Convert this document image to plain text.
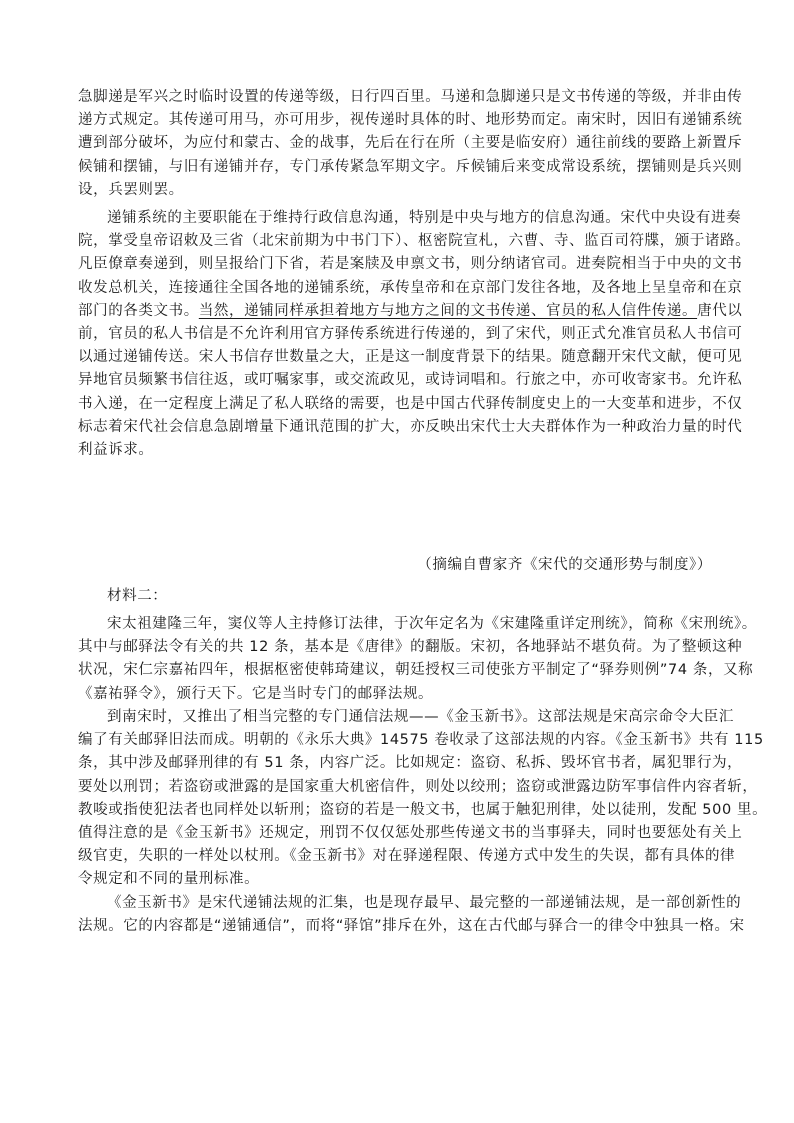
急脚递是军兴之时临时设置的传递等级，日行四百里。马递和急脚递只是文书传递的等级，并非由传
递方式规定。其传递可用马，亦可用步，视传递时具体的时、地形势而定。南宋时，因旧有递铺系统
遭到部分破坏，为应付和蒙古、金的战事，先后在行在所（主要是临安府）通往前线的要路上新置斥
候铺和摆铺，与旧有递铺并存，专门承传紧急军期文字。斥候铺后来变成常设系统，摆铺则是兵兴则
设，兵罢则罢。
递铺系统的主要职能在于维持行政信息沟通，特别是中央与地方的信息沟通。宋代中央设有进奏
院，掌受皇帝诏敕及三省（北宋前期为中书门下）、枢密院宣札，六曹、寺、监百司符牒，颁于诸路。
凡臣僚章奏递到，则呈报给门下省，若是案牍及申禀文书，则分纳诸官司。进奏院相当于中央的文书
收发总机关，连接通往全国各地的递铺系统，承传皇帝和在京部门发往各地，及各地上呈皇帝和在京
部门的各类文书。当然，递铺同样承担着地方与地方之间的文书传递、官员的私人信件传递。唐代以
前，官员的私人书信是不允许利用官方驿传系统进行传递的，到了宋代，则正式允准官员私人书信可
以通过递铺传送。宋人书信存世数量之大，正是这一制度背景下的结果。随意翻开宋代文献，便可见
异地官员频繁书信往返，或叮嘱家事，或交流政见，或诗词唱和。行旅之中，亦可收寄家书。允许私
书入递，在一定程度上满足了私人联络的需要，也是中国古代驿传制度史上的一大变革和进步，不仅
标志着宋代社会信息急剧增量下通讯范围的扩大，亦反映出宋代士大夫群体作为一种政治力量的时代
利益诉求。
（摘编自曹家齐《宋代的交通形势与制度》）
材料二：
宋太祖建隆三年，窦仪等人主持修订法律，于次年定名为《宋建隆重详定刑统》，简称《宋刑统》。
其中与邮驿法令有关的共 12 条，基本是《唐律》的翻版。宋初，各地驿站不堪负荷。为了整顿这种
状况，宋仁宗嘉祐四年，根据枢密使韩琦建议，朝廷授权三司使张方平制定了“驿券则例”74 条，又称
《嘉祐驿令》，颁行天下。它是当时专门的邮驿法规。
到南宋时，又推出了相当完整的专门通信法规——《金玉新书》。这部法规是宋高宗命令大臣汇
编了有关邮驿旧法而成。明朝的《永乐大典》14575 卷收录了这部法规的内容。《金玉新书》共有 115
条，其中涉及邮驿刑律的有 51 条，内容广泛。比如规定：盗窃、私拆、毁坏官书者，属犯罪行为，
要处以刑罚；若盗窃或泄露的是国家重大机密信件，则处以绞刑；盗窃或泄露边防军事信件内容者斩，
教唆或指使犯法者也同样处以斩刑；盗窃的若是一般文书，也属于触犯刑律，处以徒刑，发配 500 里。
值得注意的是《金玉新书》还规定，刑罚不仅仅惩处那些传递文书的当事驿夫，同时也要惩处有关上
级官吏，失职的一样处以杖刑。《金玉新书》对在驿递程限、传递方式中发生的失误，都有具体的律
令规定和不同的量刑标准。
《金玉新书》是宋代递铺法规的汇集，也是现存最早、最完整的一部递铺法规，是一部创新性的
法规。它的内容都是“递铺通信”，而将“驿馆”排斥在外，这在古代邮与驿合一的律令中独具一格。宋
